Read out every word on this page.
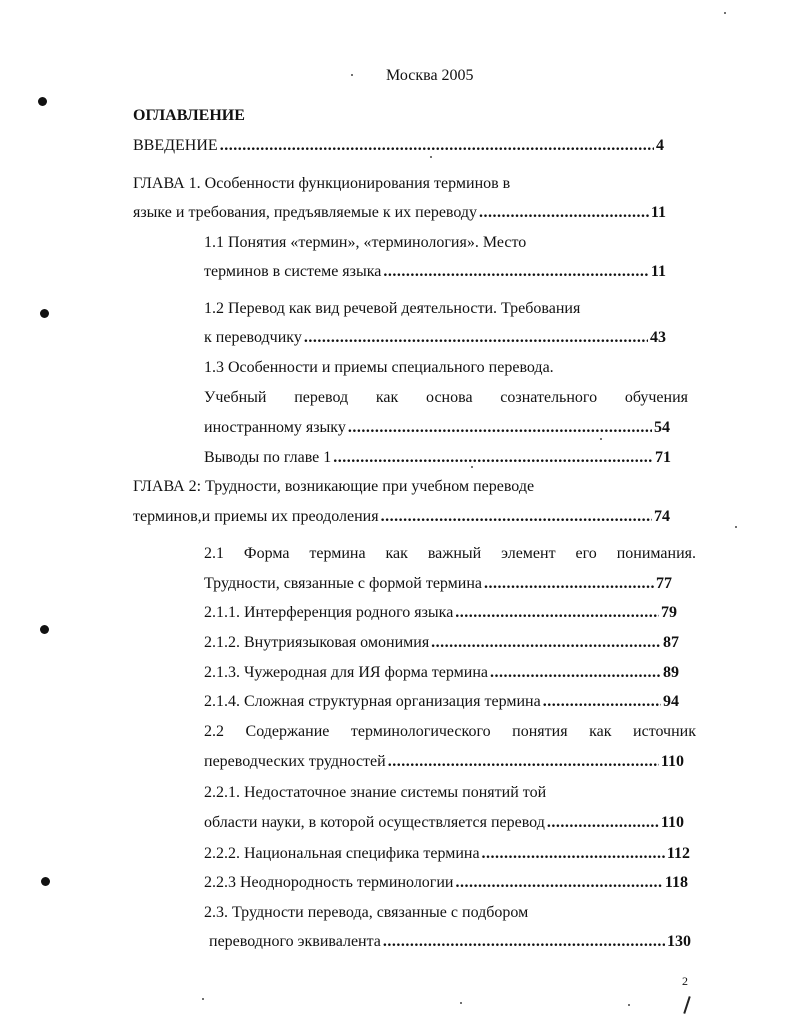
Москва 2005
ОГЛАВЛЕНИЕ
ВВЕДЕНИЕ .....	4
ГЛАВА 1. Особенности функционирования терминов в
языке и требования, предъявляемые к их переводу .....	11
1.1 Понятия «термин», «терминология». Место
терминов в системе языка .....	11
1.2 Перевод как вид речевой деятельности. Требования
к переводчику .....	43
1.3 Особенности и приемы специального перевода.
Учебный перевод как основа сознательного обучения
иностранному языку .....	54
Выводы по главе 1 .....	71
ГЛАВА 2: Трудности, возникающие при учебном переводе
терминов,и приемы их преодоления .....	74
2.1 Форма термина как важный элемент его понимания.
Трудности, связанные с формой термина .....	77
2.1.1. Интерференция родного языка .....	79
2.1.2. Внутриязыковая омонимия .....	87
2.1.3. Чужеродная для ИЯ форма термина .....	89
2.1.4. Сложная структурная организация термина .....	94
2.2 Содержание терминологического понятия как источник
переводческих трудностей .....	110
2.2.1. Недостаточное знание системы понятий той
области науки, в которой осуществляется перевод .....	110
2.2.2. Национальная специфика термина .....	112
2.2.3 Неоднородность терминологии .....	118
2.3. Трудности перевода, связанные с подбором
переводного эквивалента .....	130
2
